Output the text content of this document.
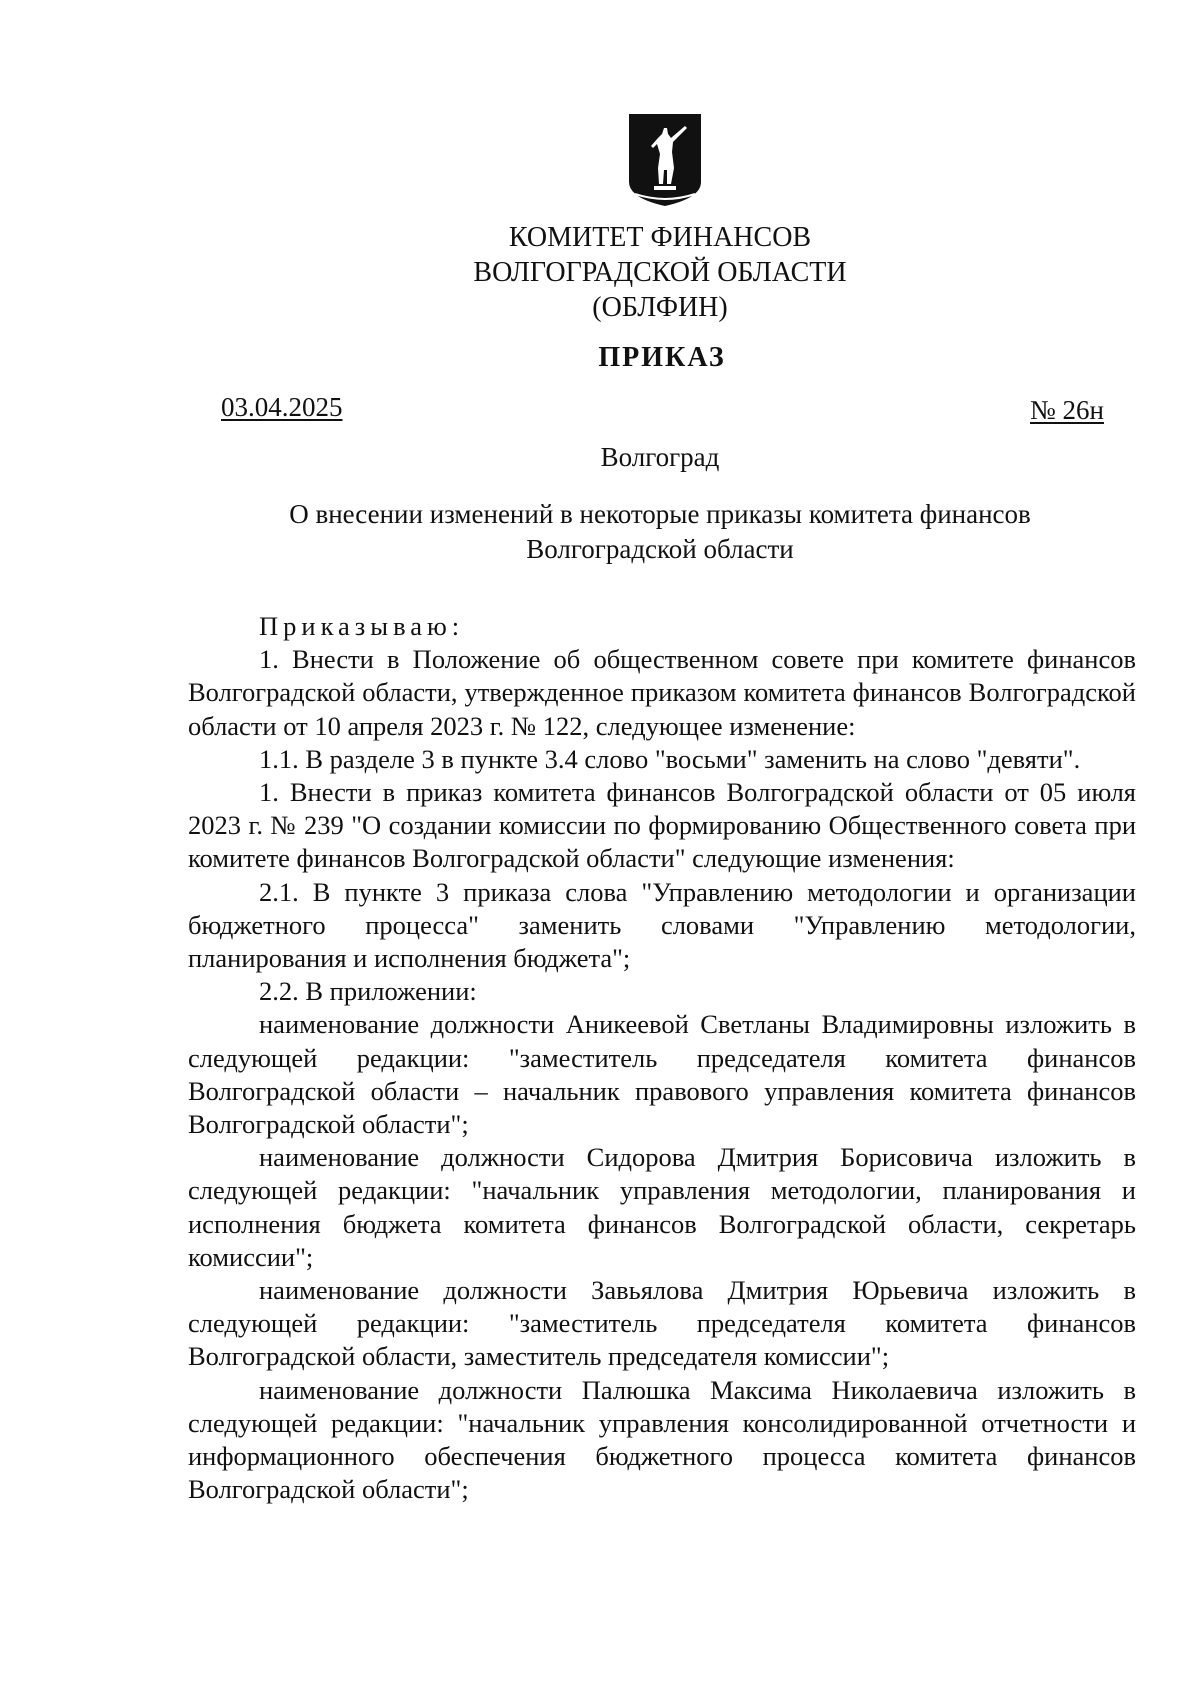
КОМИТЕТ ФИНАНСОВ
ВОЛГОГРАДСКОЙ ОБЛАСТИ
(ОБЛФИН)
ПРИКАЗ
03.04.2025	№ 26н
Волгоград
О внесении изменений в некоторые приказы комитета финансов Волгоградской области

Приказываю:

1. Внести в Положение об общественном совете при комитете финансов Волгоградской области, утвержденное приказом комитета финансов Волгоградской области от 10 апреля 2023 г. № 122, следующее изменение:

1.1. В разделе 3 в пункте 3.4 слово "восьми" заменить на слово "девяти".

1. Внести в приказ комитета финансов Волгоградской области от 05 июля 2023 г. № 239 "О создании комиссии по формированию Общественного совета при комитете финансов Волгоградской области" следующие изменения:

2.1. В пункте 3 приказа слова "Управлению методологии и организации бюджетного процесса" заменить словами "Управлению методологии, планирования и исполнения бюджета";

2.2. В приложении:

наименование должности Аникеевой Светланы Владимировны изложить в следующей редакции: "заместитель председателя комитета финансов Волгоградской области – начальник правового управления комитета финансов Волгоградской области";

наименование должности Сидорова Дмитрия Борисовича изложить в следующей редакции: "начальник управления методологии, планирования и исполнения бюджета комитета финансов Волгоградской области, секретарь комиссии";

наименование должности Завьялова Дмитрия Юрьевича изложить в следующей редакции: "заместитель председателя комитета финансов Волгоградской области, заместитель председателя комиссии";

наименование должности Палюшка Максима Николаевича изложить в следующей редакции: "начальник управления консолидированной отчетности и информационного обеспечения бюджетного процесса комитета финансов Волгоградской области";
